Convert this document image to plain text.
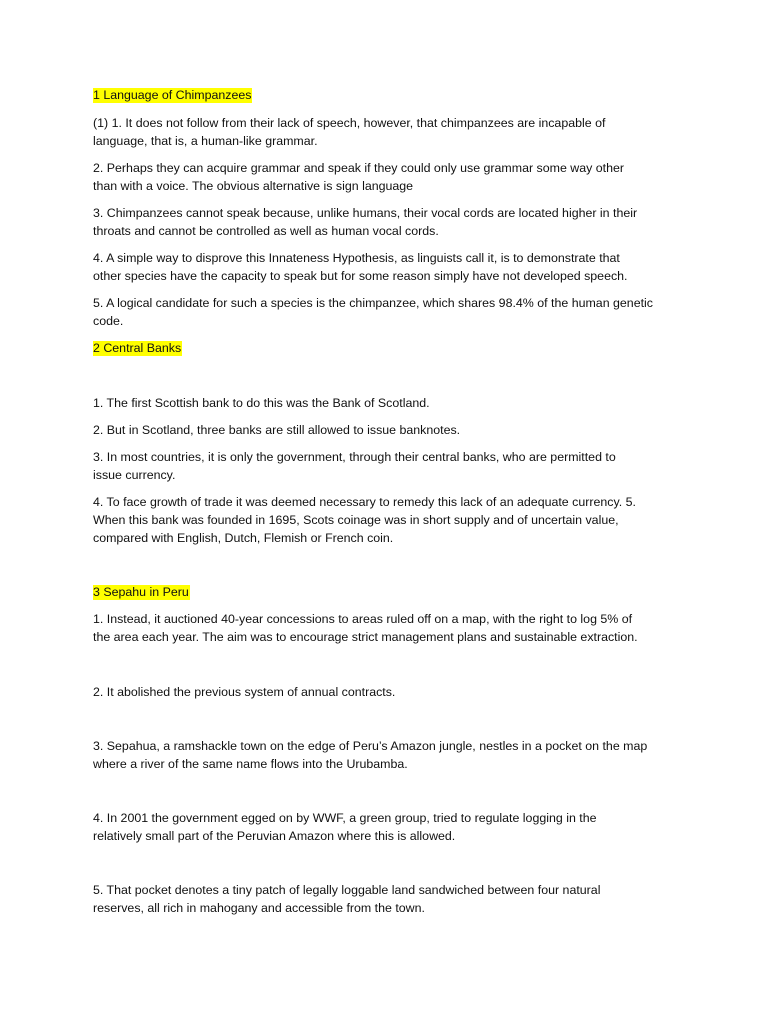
1 Language of Chimpanzees
(1) 1. It does not follow from their lack of speech, however, that chimpanzees are incapable of
language, that is, a human-like grammar.
2. Perhaps they can acquire grammar and speak if they could only use grammar some way other
than with a voice. The obvious alternative is sign language
3. Chimpanzees cannot speak because, unlike humans, their vocal cords are located higher in their
throats and cannot be controlled as well as human vocal cords.
4. A simple way to disprove this Innateness Hypothesis, as linguists call it, is to demonstrate that
other species have the capacity to speak but for some reason simply have not developed speech.
5. A logical candidate for such a species is the chimpanzee, which shares 98.4% of the human genetic
code.
2 Central Banks
1. The first Scottish bank to do this was the Bank of Scotland.
2. But in Scotland, three banks are still allowed to issue banknotes.
3. In most countries, it is only the government, through their central banks, who are permitted to
issue currency.
4. To face growth of trade it was deemed necessary to remedy this lack of an adequate currency. 5.
When this bank was founded in 1695, Scots coinage was in short supply and of uncertain value,
compared with English, Dutch, Flemish or French coin.
3 Sepahu in Peru
1. Instead, it auctioned 40-year concessions to areas ruled off on a map, with the right to log 5% of
the area each year. The aim was to encourage strict management plans and sustainable extraction.
2. It abolished the previous system of annual contracts.
3. Sepahua, a ramshackle town on the edge of Peru’s Amazon jungle, nestles in a pocket on the map
where a river of the same name flows into the Urubamba.
4. In 2001 the government egged on by WWF, a green group, tried to regulate logging in the
relatively small part of the Peruvian Amazon where this is allowed.
5. That pocket denotes a tiny patch of legally loggable land sandwiched between four natural
reserves, all rich in mahogany and accessible from the town.
